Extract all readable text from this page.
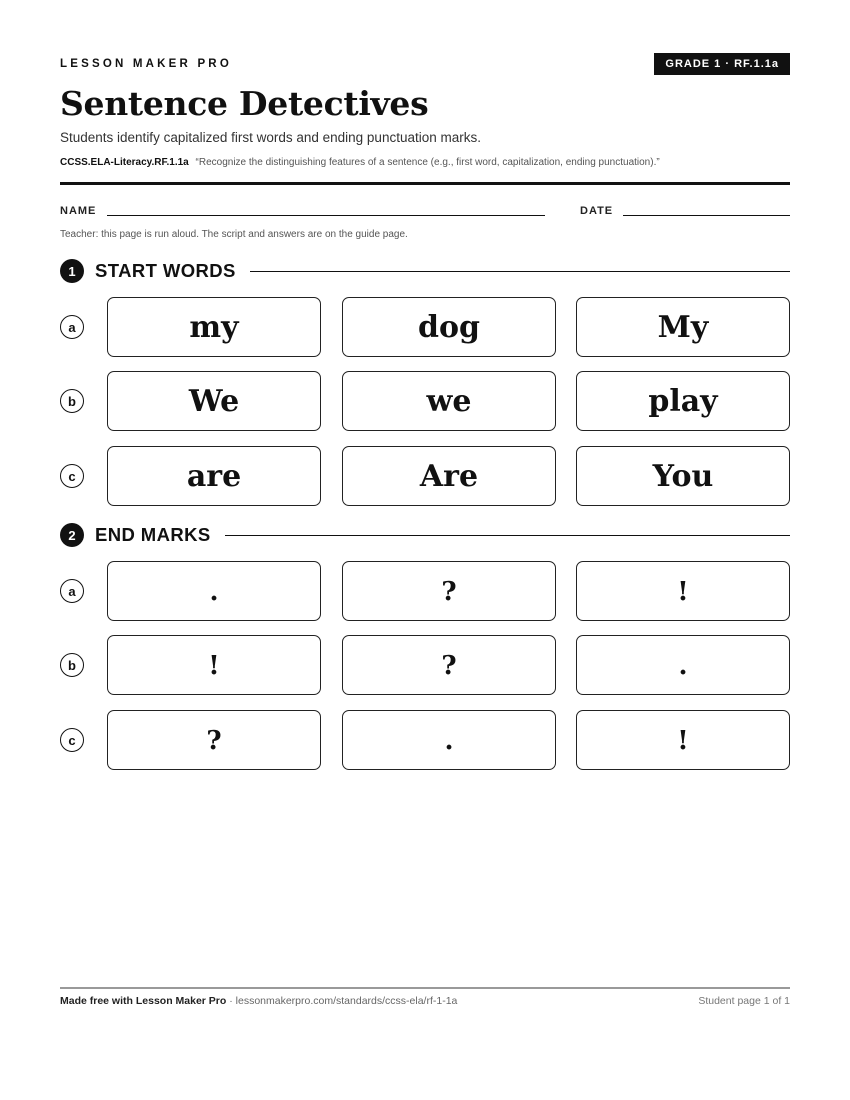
LESSON MAKER PRO	GRADE 1 · RF.1.1a
Sentence Detectives
Students identify capitalized first words and ending punctuation marks.
CCSS.ELA-Literacy.RF.1.1a “Recognize the distinguishing features of a sentence (e.g., first word, capitalization, ending punctuation).”
NAME	DATE
Teacher: this page is run aloud. The script and answers are on the guide page.
1	START WORDS
a	my	dog	My
b	We	we	play
c	are	Are	You
2	END MARKS
a	.	?	!
b	!	?	.
c	?	.	!
Made free with Lesson Maker Pro · lessonmakerpro.com/standards/ccss-ela/rf-1-1a	Student page 1 of 1
